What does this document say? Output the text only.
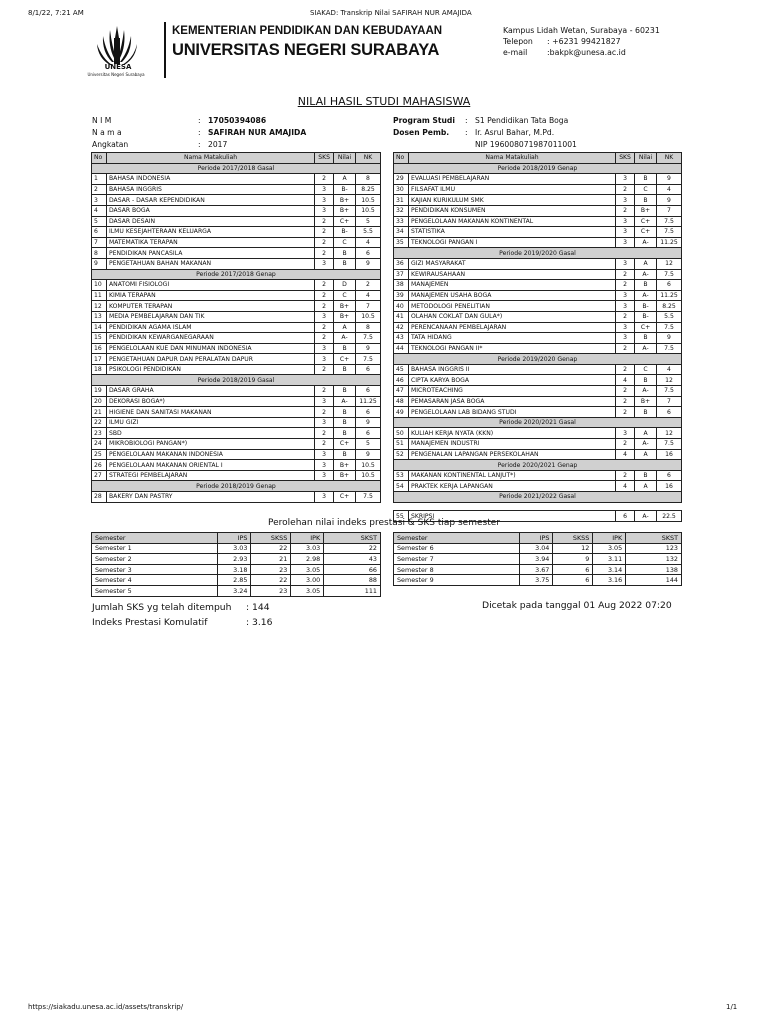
8/1/22, 7:21 AM	SIAKAD: Transkrip Nilai SAFIRAH NUR AMAJIDA
UNESA
Universitas Negeri Surabaya
KEMENTERIAN PENDIDIKAN DAN KEBUDAYAAN
UNIVERSITAS NEGERI SURABAYA
Kampus Lidah Wetan, Surabaya - 60231
Telepon : +6231 99421827
e-mail	:bakpk@unesa.ac.id
NILAI HASIL STUDI MAHASISWA
N I M	: 17050394086
N a m a	: SAFIRAH NUR AMAJIDA
Angkatan	: 2017
Program Studi	: S1 Pendidikan Tata Boga
Dosen Pemb.	: Ir. Asrul Bahar, M.Pd.
NIP 196008071987011001
No	Nama Matakuliah	SKS	Nilai	NK
Periode 2017/2018 Gasal				
1	BAHASA INDONESIA	2	A	8
2	BAHASA INGGRIS	3	B-	8.25
3	DASAR - DASAR KEPENDIDIKAN	3	B+	10.5
4	DASAR BOGA	3	B+	10.5
5	DASAR DESAIN	2	C+	5
6	ILMU KESEJAHTERAAN KELUARGA	2	B-	5.5
7	MATEMATIKA TERAPAN	2	C	4
8	PENDIDIKAN PANCASILA	2	B	6
9	PENGETAHUAN BAHAN MAKANAN	3	B	9
Periode 2017/2018 Genap				
10	ANATOMI FISIOLOGI	2	D	2
11	KIMIA TERAPAN	2	C	4
12	KOMPUTER TERAPAN	2	B+	7
13	MEDIA PEMBELAJARAN DAN TIK	3	B+	10.5
14	PENDIDIKAN AGAMA ISLAM	2	A	8
15	PENDIDIKAN KEWARGANEGARAAN	2	A-	7.5
16	PENGELOLAAN KUE DAN MINUMAN INDONESIA	3	B	9
17	PENGETAHUAN DAPUR DAN PERALATAN DAPUR	3	C+	7.5
18	PSIKOLOGI PENDIDIKAN	2	B	6
Periode 2018/2019 Gasal				
19	DASAR GRAHA	2	B	6
20	DEKORASI BOGA*)	3	A-	11.25
21	HIGIENE DAN SANITASI MAKANAN	2	B	6
22	ILMU GIZI	3	B	9
23	SBD	2	B	6
24	MIKROBIOLOGI PANGAN*)	2	C+	5
25	PENGELOLAAN MAKANAN INDONESIA	3	B	9
26	PENGELOLAAN MAKANAN ORIENTAL I	3	B+	10.5
27	STRATEGI PEMBELAJARAN	3	B+	10.5
Periode 2018/2019 Genap				
28	BAKERY DAN PASTRY	3	C+	7.5
No	Nama Matakuliah	SKS	Nilai	NK
Periode 2018/2019 Genap				
29	EVALUASI PEMBELAJARAN	3	B	9
30	FILSAFAT ILMU	2	C	4
31	KAJIAN KURIKULUM SMK	3	B	9
32	PENDIDIKAN KONSUMEN	2	B+	7
33	PENGELOLAAN MAKANAN KONTINENTAL	3	C+	7.5
34	STATISTIKA	3	C+	7.5
35	TEKNOLOGI PANGAN I	3	A-	11.25
Periode 2019/2020 Gasal				
36	GIZI MASYARAKAT	3	A	12
37	KEWIRAUSAHAAN	2	A-	7.5
38	MANAJEMEN	2	B	6
39	MANAJEMEN USAHA BOGA	3	A-	11.25
40	METODOLOGI PENELITIAN	3	B-	8.25
41	OLAHAN COKLAT DAN GULA*)	2	B-	5.5
42	PERENCANAAN PEMBELAJARAN	3	C+	7.5
43	TATA HIDANG	3	B	9
44	TEKNOLOGI PANGAN II*	2	A-	7.5
Periode 2019/2020 Genap				
45	BAHASA INGGRIS II	2	C	4
46	CIPTA KARYA BOGA	4	B	12
47	MICROTEACHING	2	A-	7.5
48	PEMASARAN JASA BOGA	2	B+	7
49	PENGELOLAAN LAB BIDANG STUDI	2	B	6
Periode 2020/2021 Gasal				
50	KULIAH KERJA NYATA (KKN)	3	A	12
51	MANAJEMEN INDUSTRI	2	A-	7.5
52	PENGENALAN LAPANGAN PERSEKOLAHAN	4	A	16
Periode 2020/2021 Genap				
53	MAKANAN KONTINENTAL LANJUT*)	2	B	6
54	PRAKTEK KERJA LAPANGAN	4	A	16
Periode 2021/2022 Gasal				

55	SKRIPSI	6	A-	22.5
Perolehan nilai indeks prestasi & SKS tiap semester
Semester	IPS	SKSS	IPK	SKST
Semester 1	3.03	22	3.03	22
Semester 2	2.93	21	2.98	43
Semester 3	3.18	23	3.05	66
Semester 4	2.85	22	3.00	88
Semester 5	3.24	23	3.05	111
Semester	IPS	SKSS	IPK	SKST
Semester 6	3.04	12	3.05	123
Semester 7	3.94	9	3.11	132
Semester 8	3.67	6	3.14	138
Semester 9	3.75	6	3.16	144
Jumlah SKS yg telah ditempuh : 144
Indeks Prestasi Komulatif	: 3.16
Dicetak pada tanggal 01 Aug 2022 07:20
https://siakadu.unesa.ac.id/assets/transkrip/	1/1
